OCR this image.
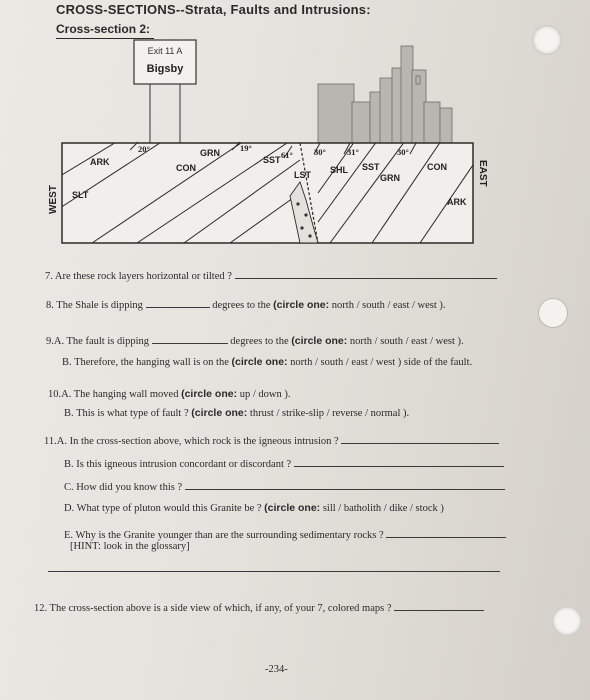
CROSS-SECTIONS--Strata, Faults and Intrusions:
Cross-section 2:
Exit 11 A
Bigsby
ARK
SLT
CON
GRN
SST
LST SHL SST
GRN
CON
ARK
20°	19°
61° 30° 31°	30°
WEST
EAST
7. Are these rock layers horizontal or tilted ?
8. The Shale is dipping	degrees to the (circle one: north / south / east / west ).
9.A. The fault is dipping	degrees to the (circle one: north / south / east / west ).
B. Therefore, the hanging wall is on the (circle one: north / south / east / west ) side of the fault.
10.A. The hanging wall moved (circle one: up / down ).
B. This is what type of fault ? (circle one: thrust / strike-slip / reverse / normal ).
11.A. In the cross-section above, which rock is the igneous intrusion ?
B. Is this igneous intrusion concordant or discordant ?
C. How did you know this ?
D. What type of pluton would this Granite be ? (circle one: sill / batholith / dike / stock )
E. Why is the Granite younger than are the surrounding sedimentary rocks ?
[HINT: look in the glossary]
12. The cross-section above is a side view of which, if any, of your 7, colored maps ?
-234-
